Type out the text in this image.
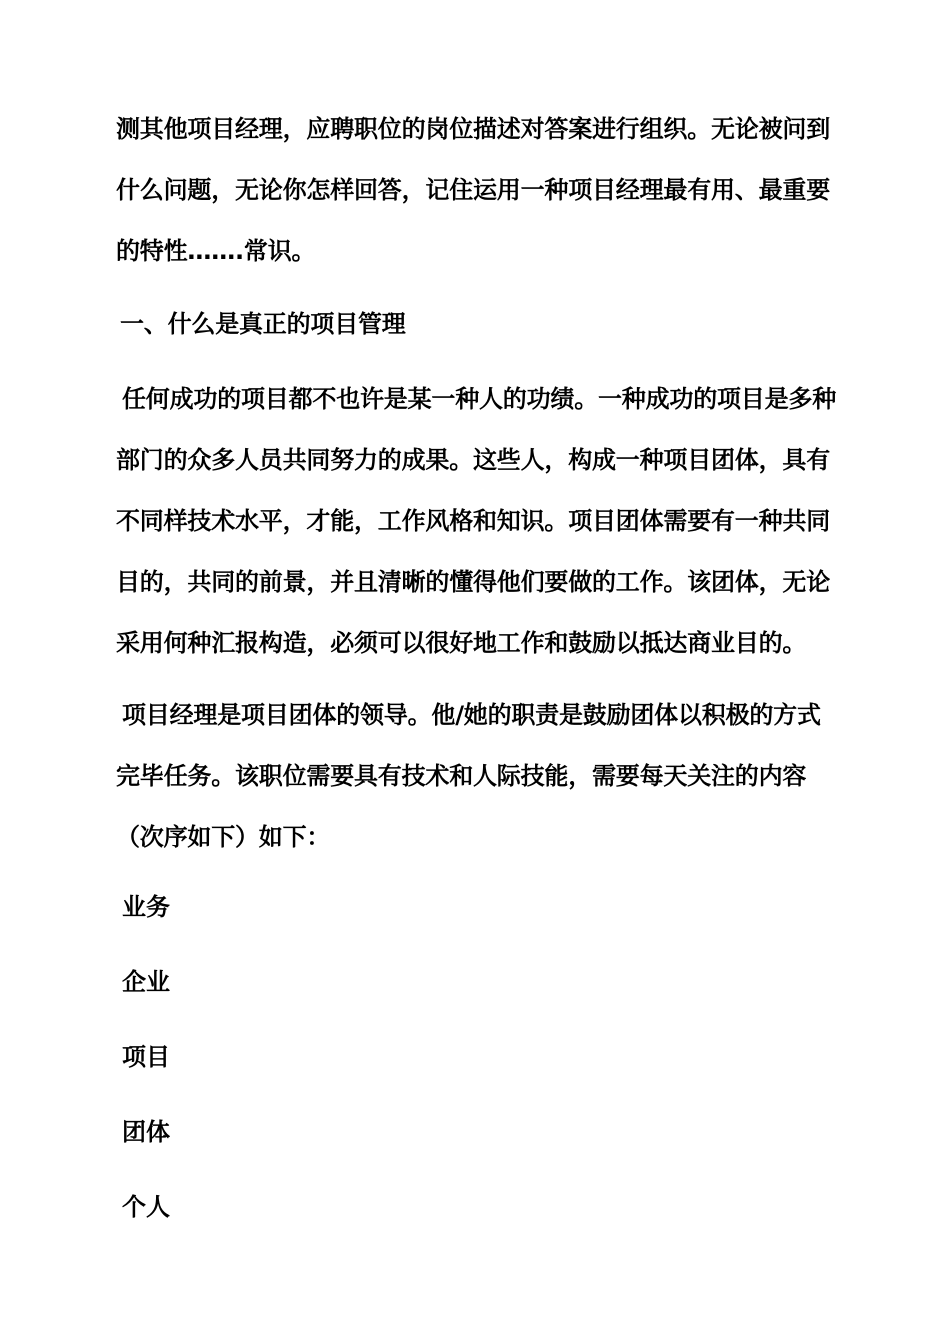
测其他项目经理，应聘职位的岗位描述对答案进行组织。无论被问到什么问题，无论你怎样回答，记住运用一种项目经理最有用、最重要的特性…….常识。

一、什么是真正的项目管理

任何成功的项目都不也许是某一种人的功绩。一种成功的项目是多种部门的众多人员共同努力的成果。这些人，构成一种项目团体，具有不同样技术水平，才能，工作风格和知识。项目团体需要有一种共同目的，共同的前景，并且清晰的懂得他们要做的工作。该团体，无论采用何种汇报构造，必须可以很好地工作和鼓励以抵达商业目的。

项目经理是项目团体的领导。他/她的职责是鼓励团体以积极的方式完毕任务。该职位需要具有技术和人际技能，需要每天关注的内容（次序如下）如下：

业务
企业
项目
团体
个人
